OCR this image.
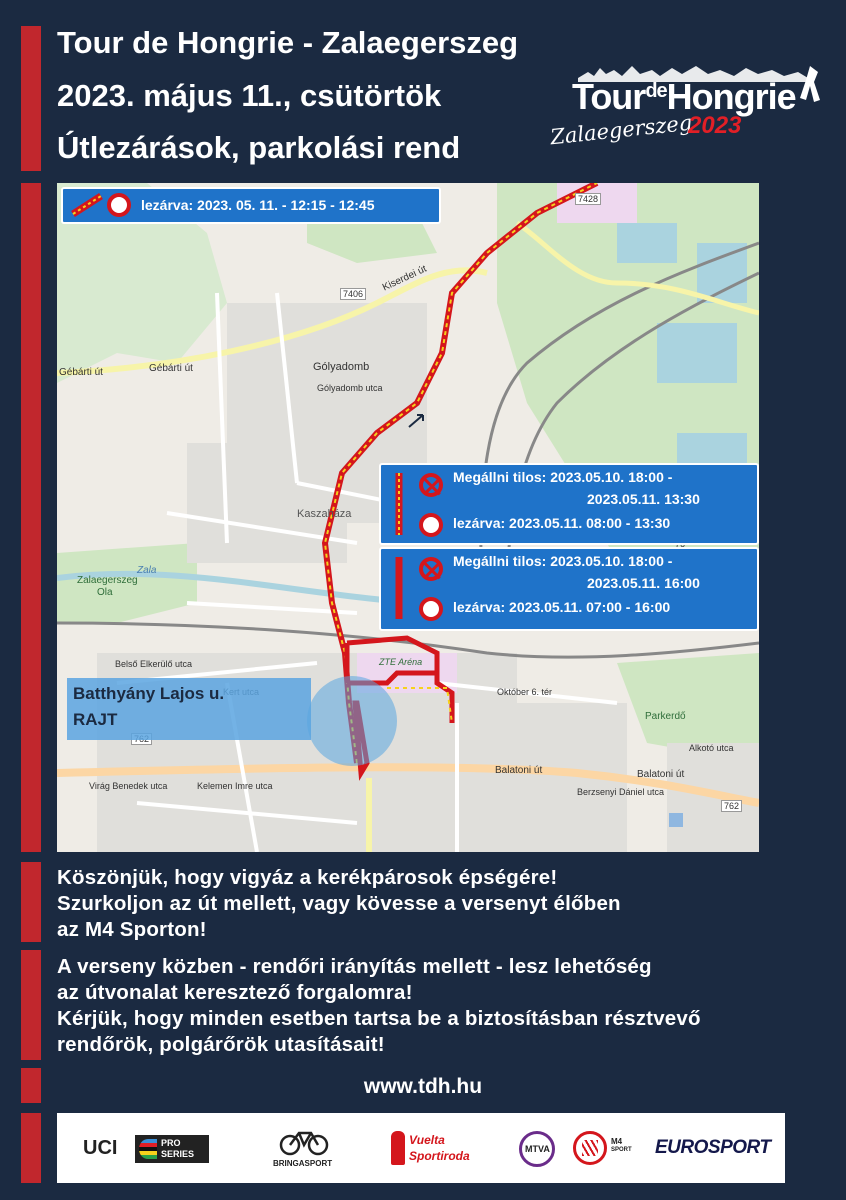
Tour de Hongrie - Zalaegerszeg
2023. május 11., csütörtök
Útlezárások, parkolási rend
Tour$^{de}$Hongrie
Zalaegerszeg
2023
Gébárti út	Gébárti út
Kiserdei út
7406
7428
Gólyadomb
Gólyadomb utca
Kaszaháza
Zala
Zalaegerszeg
Ola
Belső Elkerülő utca	ZTE Aréna
762
Balatoni út	Balatoni út
Berzsenyi Dániel utca
Parkerdő
Alkotó utca
Október 6. tér
Virág Benedek utca	Kelemen Imre utca
lezárva: 2023. 05. 11. - 12:15 - 12:45
Megállni tilos: 2023.05.10. 18:00 -
2023.05.11. 13:30
lezárva: 2023.05.11. 08:00 - 13:30
Megállni tilos: 2023.05.10. 18:00 -
2023.05.11. 16:00
lezárva: 2023.05.11. 07:00 - 16:00
Batthyány Lajos u.
RAJT
Köszönjük, hogy vigyáz a kerékpárosok épségére!
Szurkoljon az út mellett, vagy kövesse a versenyt élőben
az M4 Sporton!
A verseny közben - rendőri irányítás mellett - lesz lehetőség
az útvonalat keresztező forgalomra!
Kérjük, hogy minden esetben tartsa be a biztosításban résztvevő
rendőrök, polgárőrök utasításait!
www.tdh.hu
UCI	PRO
SERIES
BRINGASPORT
Vuelta
Sportiroda	MTVA
M4
SPORT EUROSPORT
